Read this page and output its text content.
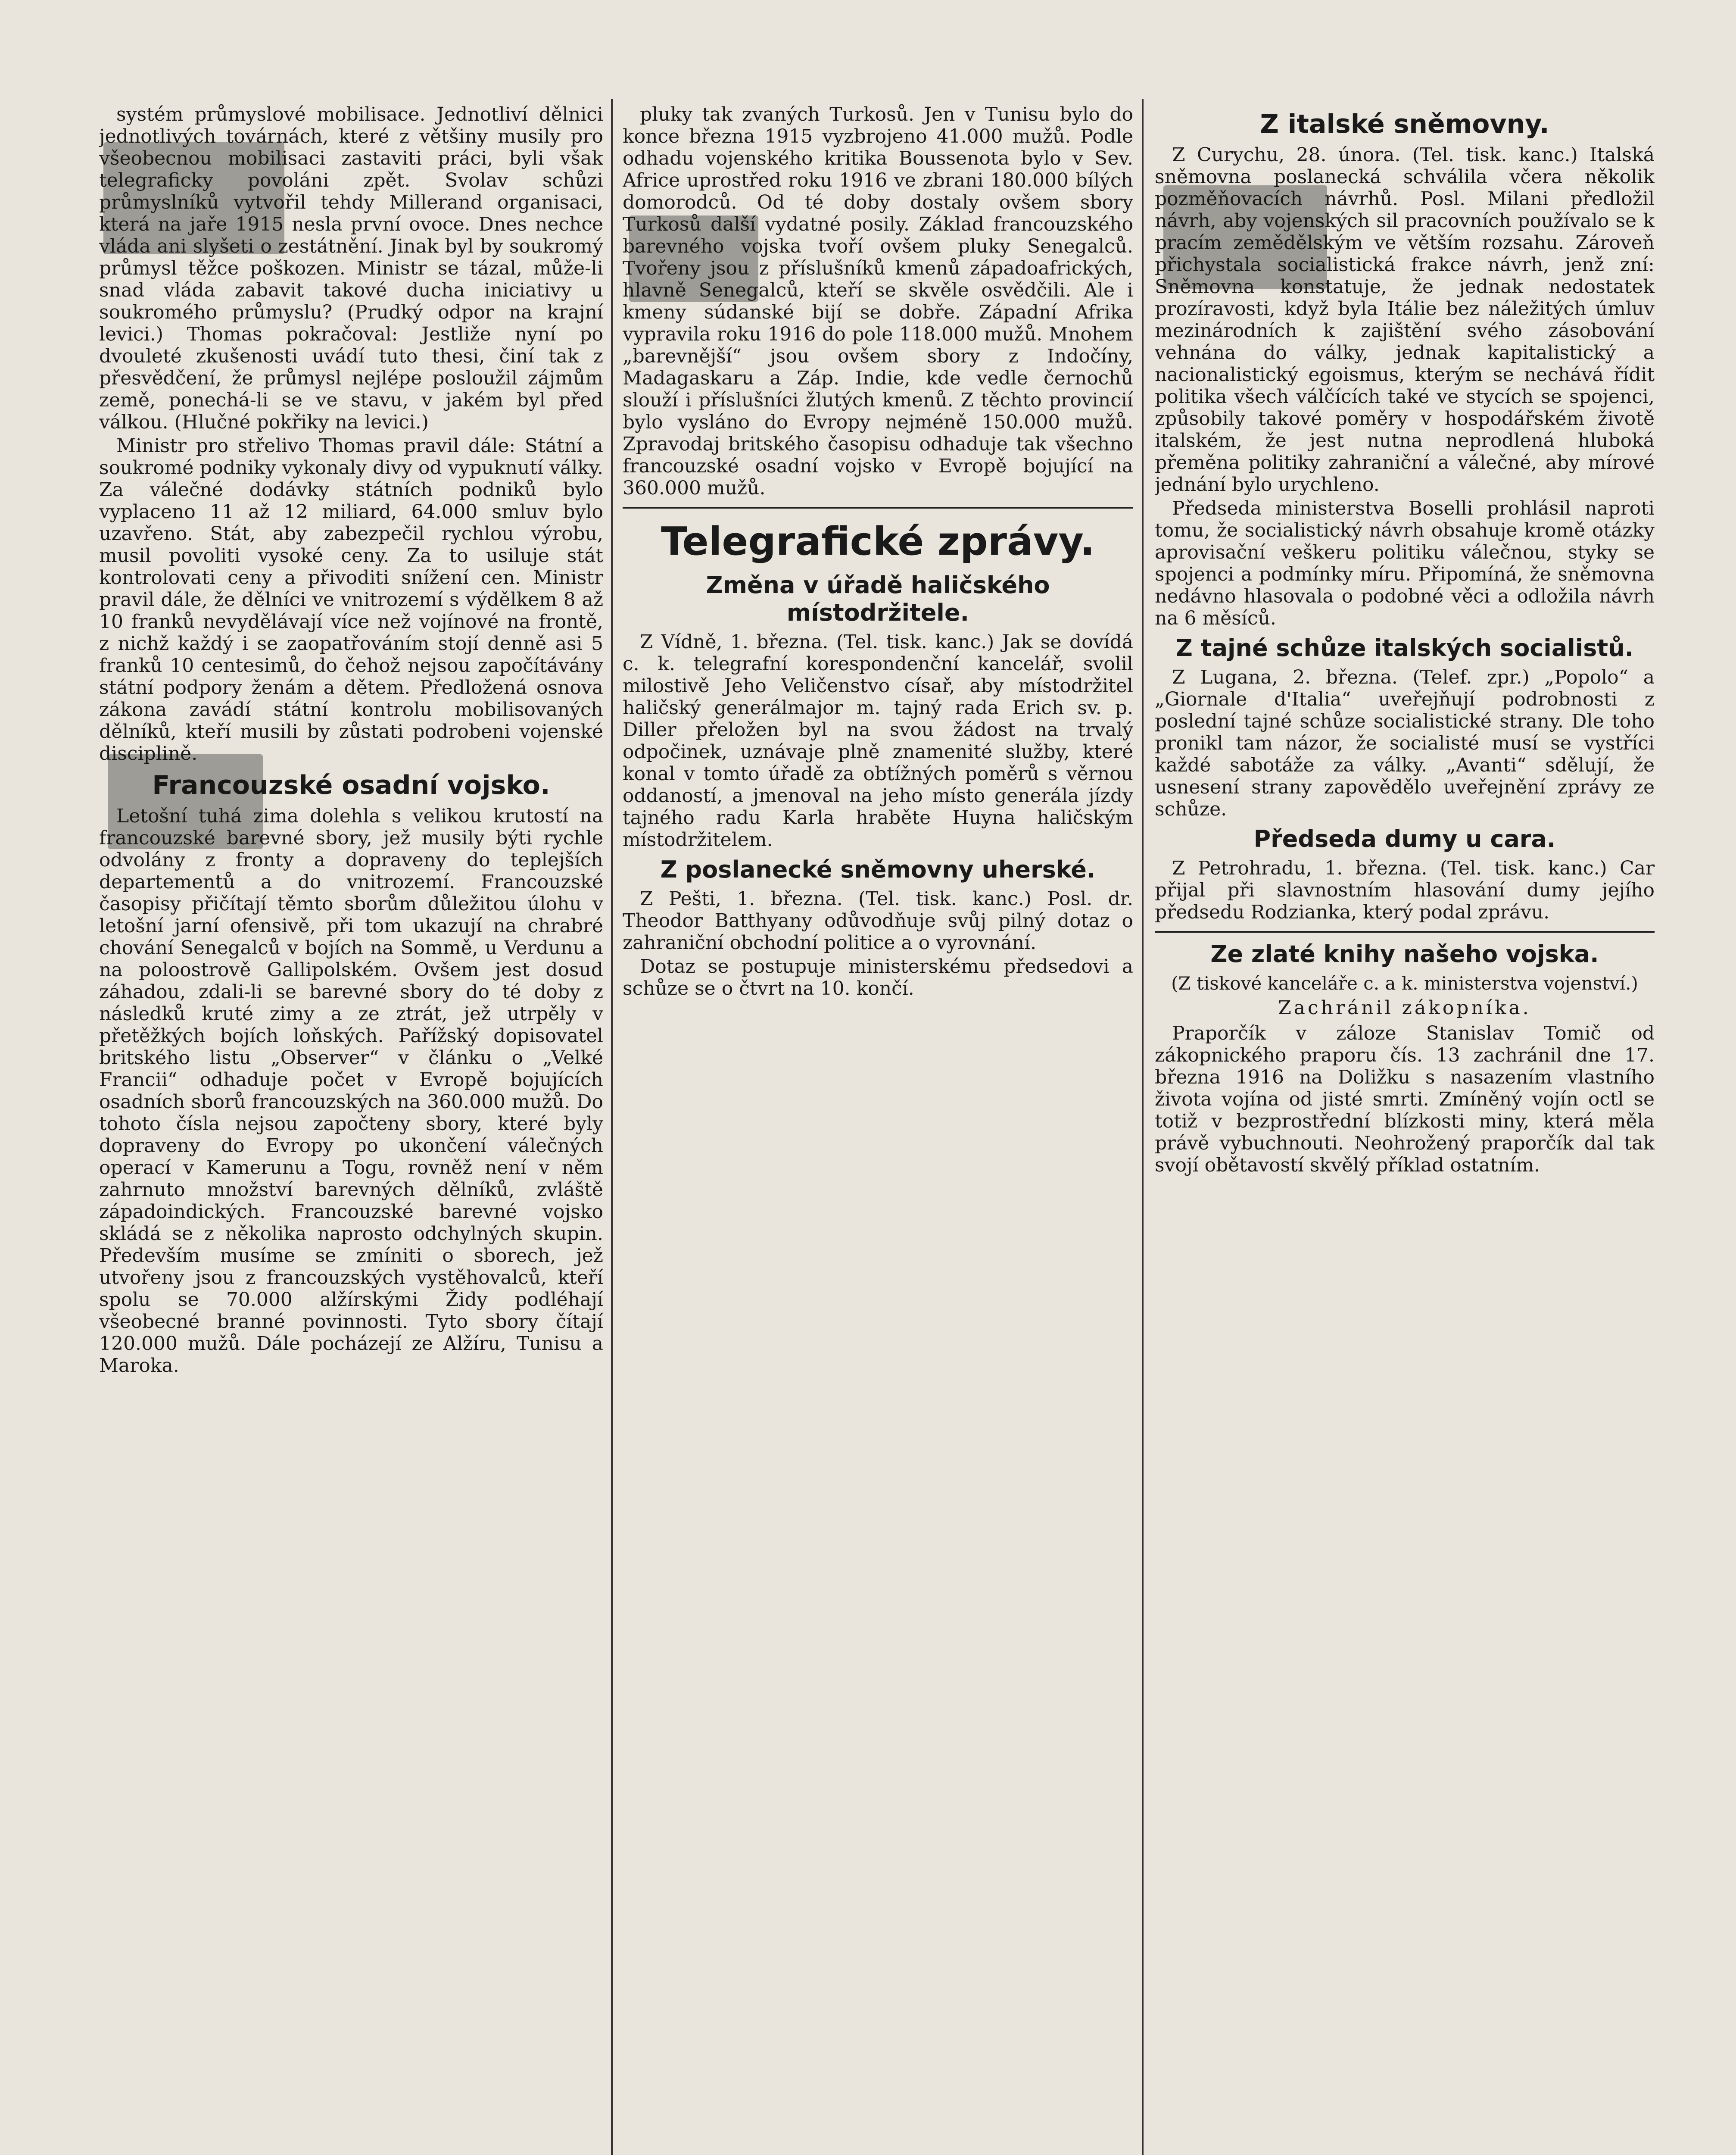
systém průmyslové mobilisace. Jednotliví dělnici jednotlivých továrnách, které z většiny musily pro všeobecnou mobilisaci zastaviti práci, byli však telegraficky povoláni zpět. Svolav schůzi průmyslníků vytvořil tehdy Millerand organisaci, která na jaře 1915 nesla první ovoce. Dnes nechce vláda ani slyšeti o zestátnění. Jinak byl by soukromý průmysl těžce poškozen. Ministr se tázal, může-li snad vláda zabavit takové ducha iniciativy u soukromého průmyslu? (Prudký odpor na krajní levici.) Thomas pokračoval: Jestliže nyní po dvouleté zkušenosti uvádí tuto thesi, činí tak z přesvědčení, že průmysl nejlépe posloužil zájmům země, ponechá-li se ve stavu, v jakém byl před válkou. (Hlučné pokřiky na levici.)

Ministr pro střelivo Thomas pravil dále: Státní a soukromé podniky vykonaly divy od vypuknutí války. Za válečné dodávky státních podniků bylo vyplaceno 11 až 12 miliard, 64.000 smluv bylo uzavřeno. Stát, aby zabezpečil rychlou výrobu, musil povoliti vysoké ceny. Za to usiluje stát kontrolovati ceny a přivoditi snížení cen. Ministr pravil dále, že dělníci ve vnitrozemí s výdělkem 8 až 10 franků nevydělávají více než vojínové na frontě, z nichž každý i se zaopatřováním stojí denně asi 5 franků 10 centesimů, do čehož nejsou započítávány státní podpory ženám a dětem. Předložená osnova zákona zavádí státní kontrolu mobilisovaných dělníků, kteří musili by zůstati podrobeni vojenské disciplině.

Francouzské osadní vojsko.

Letošní tuhá zima dolehla s velikou krutostí na francouzské barevné sbory, jež musily býti rychle odvolány z fronty a dopraveny do teplejších departementů a do vnitrozemí. Francouzské časopisy přičítají těmto sborům důležitou úlohu v letošní jarní ofensivě, při tom ukazují na chrabré chování Senegalců v bojích na Sommě, u Verdunu a na poloostrově Gallipolském. Ovšem jest dosud záhadou, zdali-li se barevné sbory do té doby z následků kruté zimy a ze ztrát, jež utrpěly v přetěžkých bojích loňských. Pařížský dopisovatel britského listu „Observer“ v článku o „Velké Francii“ odhaduje počet v Evropě bojujících osadních sborů francouzských na 360.000 mužů. Do tohoto čísla nejsou započteny sbory, které byly dopraveny do Evropy po ukončení válečných operací v Kamerunu a Togu, rovněž není v něm zahrnuto množství barevných dělníků, zvláště západoindických. Francouzské barevné vojsko skládá se z několika naprosto odchylných skupin. Především musíme se zmíniti o sborech, jež utvořeny jsou z francouzských vystěhovalců, kteří spolu se 70.000 alžírskými Židy podléhají všeobecné branné povinnosti. Tyto sbory čítají 120.000 mužů. Dále pocházejí ze Alžíru, Tunisu a Maroka.

pluky tak zvaných Turkosů. Jen v Tunisu bylo do konce března 1915 vyzbrojeno 41.000 mužů. Podle odhadu vojenského kritika Boussenota bylo v Sev. Africe uprostřed roku 1916 ve zbrani 180.000 bílých domorodců. Od té doby dostaly ovšem sbory Turkosů další vydatné posily. Základ francouzského barevného vojska tvoří ovšem pluky Senegalců. Tvořeny jsou z příslušníků kmenů západoafrických, hlavně Senegalců, kteří se skvěle osvědčili. Ale i kmeny súdanské bijí se dobře. Západní Afrika vypravila roku 1916 do pole 118.000 mužů. Mnohem „barevnější“ jsou ovšem sbory z Indočíny, Madagaskaru a Záp. Indie, kde vedle černochů slouží i příslušníci žlutých kmenů. Z těchto provincií bylo vysláno do Evropy nejméně 150.000 mužů. Zpravodaj britského časopisu odhaduje tak všechno francouzské osadní vojsko v Evropě bojující na 360.000 mužů.

Telegrafické zprávy.
Změna v úřadě haličského místodržitele.

Z Vídně, 1. března. (Tel. tisk. kanc.) Jak se dovídá c. k. telegrafní korespondenční kancelář, svolil milostivě Jeho Veličenstvo císař, aby místodržitel haličský generálmajor m. tajný rada Erich sv. p. Diller přeložen byl na svou žádost na trvalý odpočinek, uznávaje plně znamenité služby, které konal v tomto úřadě za obtížných poměrů s věrnou oddaností, a jmenoval na jeho místo generála jízdy tajného radu Karla hraběte Huyna haličským místodržitelem.

Z poslanecké sněmovny uherské.

Z Pešti, 1. března. (Tel. tisk. kanc.) Posl. dr. Theodor Batthyany odůvodňuje svůj pilný dotaz o zahraniční obchodní politice a o vyrovnání.

Dotaz se postupuje ministerskému předsedovi a schůze se o čtvrt na 10. končí.

Z italské sněmovny.

Z Curychu, 28. února. (Tel. tisk. kanc.) Italská sněmovna poslanecká schválila včera několik pozměňovacích návrhů. Posl. Milani předložil návrh, aby vojenských sil pracovních používalo se k pracím zemědělským ve větším rozsahu. Zároveň přichystala socialistická frakce návrh, jenž zní: Sněmovna konstatuje, že jednak nedostatek prozíravosti, když byla Itálie bez náležitých úmluv mezinárodních k zajištění svého zásobování vehnána do války, jednak kapitalistický a nacionalistický egoismus, kterým se nechává řídit politika všech válčících také ve stycích se spojenci, způsobily takové poměry v hospodářském životě italském, že jest nutna neprodlená hluboká přeměna politiky zahraniční a válečné, aby mírové jednání bylo urychleno.

Předseda ministerstva Boselli prohlásil naproti tomu, že socialistický návrh obsahuje kromě otázky aprovisační veškeru politiku válečnou, styky se spojenci a podmínky míru. Připomíná, že sněmovna nedávno hlasovala o podobné věci a odložila návrh na 6 měsíců.

Z tajné schůze italských socialistů.

Z Lugana, 2. března. (Telef. zpr.) „Popolo“ a „Giornale d'Italia“ uveřejňují podrobnosti z poslední tajné schůze socialistické strany. Dle toho pronikl tam názor, že socialisté musí se vystříci každé sabotáže za války. „Avanti“ sdělují, že usnesení strany zapovědělo uveřejnění zprávy ze schůze.

Předseda dumy u cara.

Z Petrohradu, 1. března. (Tel. tisk. kanc.) Car přijal při slavnostním hlasování dumy jejího předsedu Rodzianka, který podal zprávu.

Ze zlaté knihy našeho vojska.
(Z tiskové kanceláře c. a k. ministerstva vojenství.)
Zachránil zákopníka.

Praporčík v záloze Stanislav Tomič od zákopnického praporu čís. 13 zachránil dne 17. března 1916 na Doližku s nasazením vlastního života vojína od jisté smrti. Zmíněný vojín octl se totiž v bezprostřední blízkosti miny, která měla právě vybuchnouti. Neohrožený praporčík dal tak svojí obětavostí skvělý příklad ostatním.
